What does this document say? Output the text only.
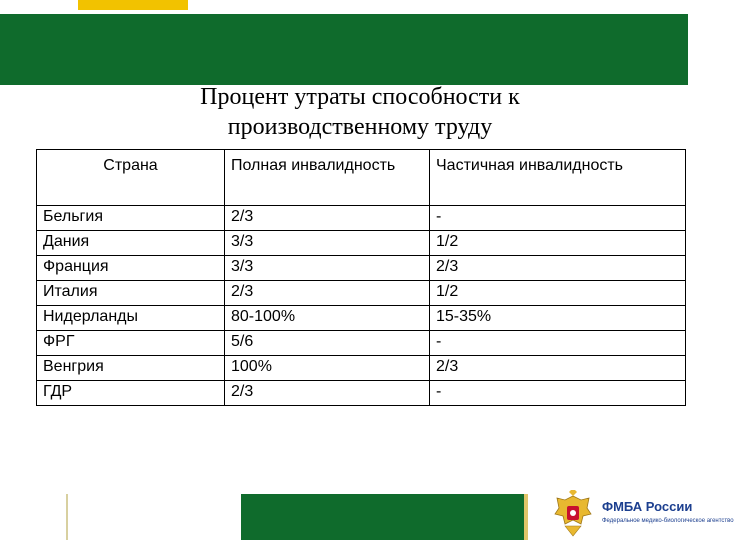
Процент утраты способности к
производственному труду
Страна	Полная инвалидность	Частичная инвалидность
Бельгия	2/3	-
Дания	3/3	1/2
Франция	3/3	2/3
Италия	2/3	1/2
Нидерланды	80-100%	15-35%
ФРГ	5/6	-
Венгрия	100%	2/3
ГДР	2/3	-
ФМБА России
Федеральное медико-биологическое агентство
